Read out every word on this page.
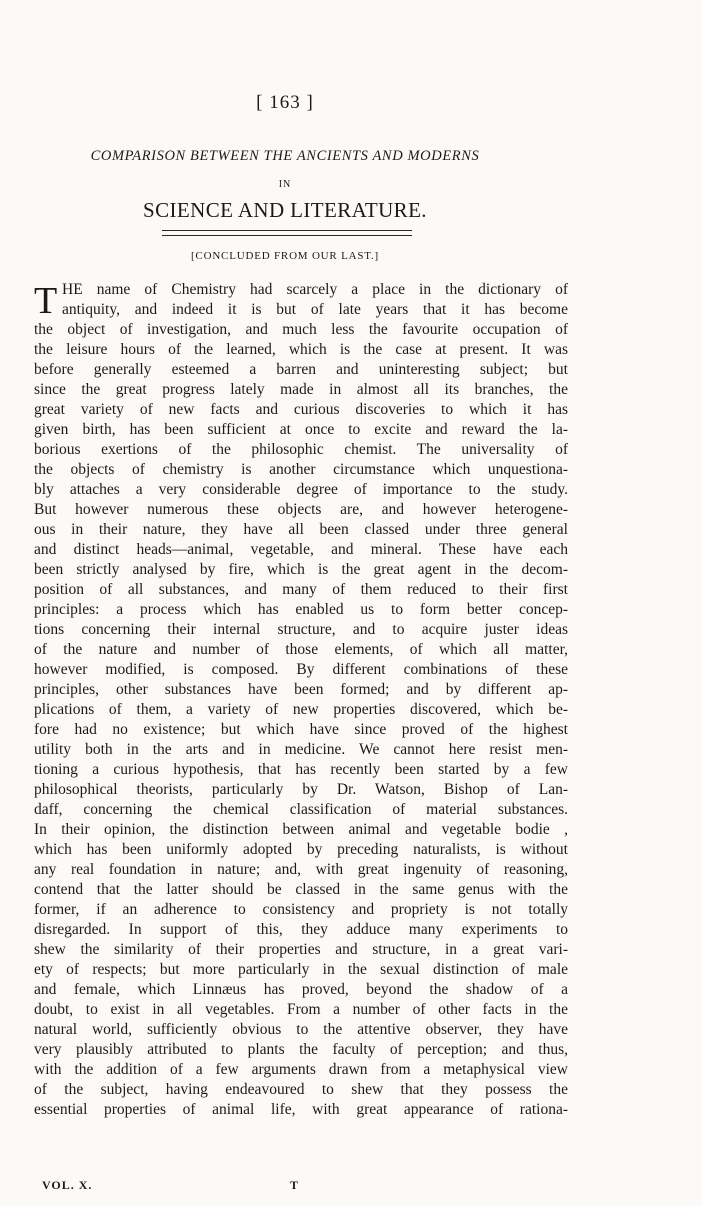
[ 163 ]
COMPARISON BETWEEN THE ANCIENTS AND MODERNS
IN
SCIENCE AND LITERATURE.
[CONCLUDED FROM OUR LAST.]
T HE name of Chemistry had scarcely a place in the dictionary of
antiquity, and indeed it is but of late years that it has become
the object of investigation, and much less the favourite occupation of
the leisure hours of the learned, which is the case at present. It was
before generally esteemed a barren and uninteresting subject; but
since the great progress lately made in almost all its branches, the
great variety of new facts and curious discoveries to which it has
given birth, has been sufficient at once to excite and reward the la-
borious exertions of the philosophic chemist. The universality of
the objects of chemistry is another circumstance which unquestiona-
bly attaches a very considerable degree of importance to the study.
But however numerous these objects are, and however heterogene-
ous in their nature, they have all been classed under three general
and distinct heads—animal, vegetable, and mineral. These have each
been strictly analysed by fire, which is the great agent in the decom-
position of all substances, and many of them reduced to their first
principles: a process which has enabled us to form better concep-
tions concerning their internal structure, and to acquire juster ideas
of the nature and number of those elements, of which all matter,
however modified, is composed. By different combinations of these
principles, other substances have been formed; and by different ap-
plications of them, a variety of new properties discovered, which be-
fore had no existence; but which have since proved of the highest
utility both in the arts and in medicine. We cannot here resist men-
tioning a curious hypothesis, that has recently been started by a few
philosophical theorists, particularly by Dr. Watson, Bishop of Lan-
daff, concerning the chemical classification of material substances.
In their opinion, the distinction between animal and vegetable bodie ,
which has been uniformly adopted by preceding naturalists, is without
any real foundation in nature; and, with great ingenuity of reasoning,
contend that the latter should be classed in the same genus with the
former, if an adherence to consistency and propriety is not totally
disregarded. In support of this, they adduce many experiments to
shew the similarity of their properties and structure, in a great vari-
ety of respects; but more particularly in the sexual distinction of male
and female, which Linnæus has proved, beyond the shadow of a
doubt, to exist in all vegetables. From a number of other facts in the
natural world, sufficiently obvious to the attentive observer, they have
very plausibly attributed to plants the faculty of perception; and thus,
with the addition of a few arguments drawn from a metaphysical view
of the subject, having endeavoured to shew that they possess the
essential properties of animal life, with great appearance of rationa-
VOL. X.	T
